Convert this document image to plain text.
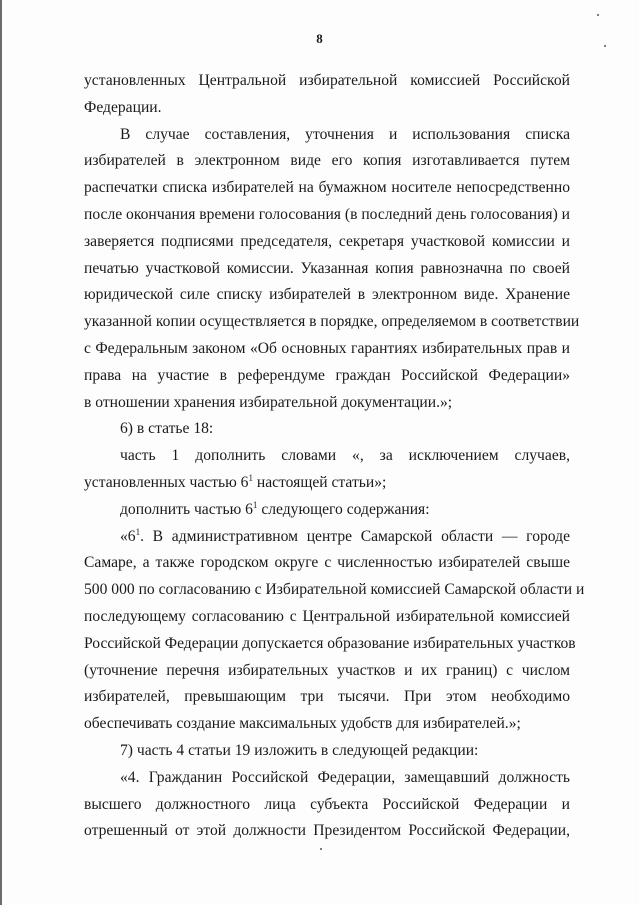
8
установленных Центральной избирательной комиссией Российской
Федерации.
В случае составления, уточнения и использования списка
избирателей в электронном виде его копия изготавливается путем
распечатки списка избирателей на бумажном носителе непосредственно
после окончания времени голосования (в последний день голосования) и
заверяется подписями председателя, секретаря участковой комиссии и
печатью участковой комиссии. Указанная копия равнозначна по своей
юридической силе списку избирателей в электронном виде. Хранение
указанной копии осуществляется в порядке, определяемом в соответствии
с Федеральным законом «Об основных гарантиях избирательных прав и
права на участие в референдуме граждан Российской Федерации»
в отношении хранения избирательной документации.»;
6) в статье 18:
часть 1 дополнить словами «, за исключением случаев,
установленных частью $6^1$ настоящей статьи»;
дополнить частью $6^1$ следующего содержания:
«$6^1$. В административном центре Самарской области — городе
Самаре, а также городском округе с численностью избирателей свыше
500 000 по согласованию с Избирательной комиссией Самарской области и
последующему согласованию с Центральной избирательной комиссией
Российской Федерации допускается образование избирательных участков
(уточнение перечня избирательных участков и их границ) с числом
избирателей, превышающим три тысячи. При этом необходимо
обеспечивать создание максимальных удобств для избирателей.»;
7) часть 4 статьи 19 изложить в следующей редакции:
«4. Гражданин Российской Федерации, замещавший должность
высшего должностного лица субъекта Российской Федерации и
отрешенный от этой должности Президентом Российской Федерации,
